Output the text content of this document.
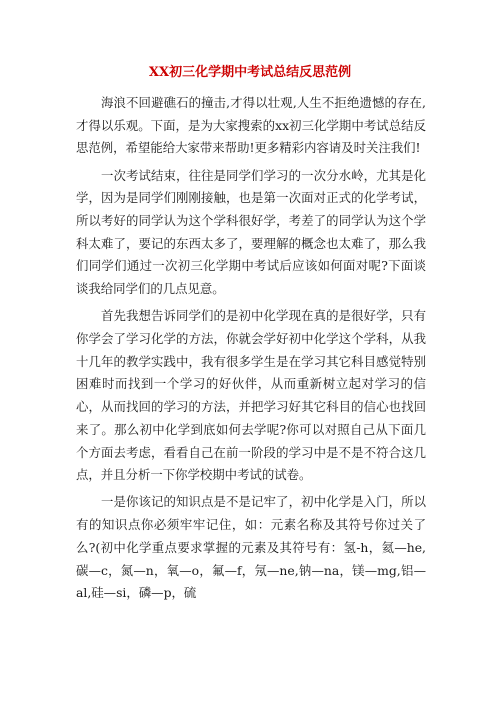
XX初三化学期中考试总结反思范例

海浪不回避礁石的撞击,才得以壮观,人生不拒绝遗憾的存在,才得以乐观。下面，是为大家搜索的xx初三化学期中考试总结反思范例，希望能给大家带来帮助!更多精彩内容请及时关注我们!

一次考试结束，往往是同学们学习的一次分水岭，尤其是化学，因为是同学们刚刚接触，也是第一次面对正式的化学考试，所以考好的同学认为这个学科很好学，考差了的同学认为这个学科太难了，要记的东西太多了，要理解的概念也太难了，那么我们同学们通过一次初三化学期中考试后应该如何面对呢?下面谈谈我给同学们的几点见意。

首先我想告诉同学们的是初中化学现在真的是很好学，只有你学会了学习化学的方法，你就会学好初中化学这个学科，从我十几年的教学实践中，我有很多学生是在学习其它科目感觉特别困难时而找到一个学习的好伙伴，从而重新树立起对学习的信心，从而找回的学习的方法，并把学习好其它科目的信心也找回来了。那么初中化学到底如何去学呢?你可以对照自己从下面几个方面去考虑，看看自己在前一阶段的学习中是不是不符合这几点，并且分析一下你学校期中考试的试卷。

一是你该记的知识点是不是记牢了，初中化学是入门，所以有的知识点你必须牢牢记住，如：元素名称及其符号你过关了么?(初中化学重点要求掌握的元素及其符号有：氢-h，氦—he,碳—c，氮—n，氧—o，氟—f，氖—ne,钠—na，镁—mg,铝—al,硅—si，磷—p，硫
